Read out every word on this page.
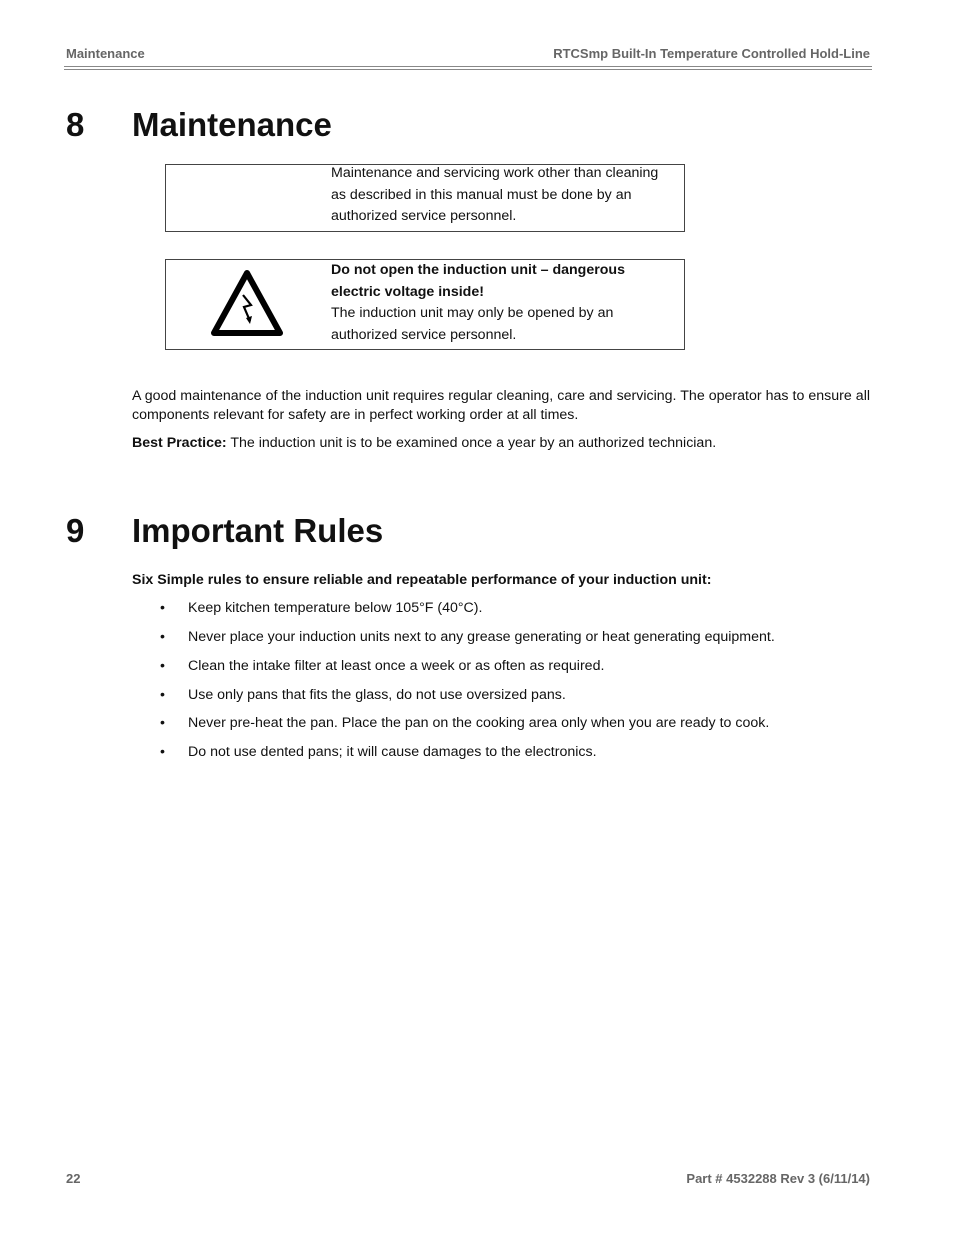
Maintenance	RTCSmp Built-In Temperature Controlled Hold-Line
8 Maintenance
Maintenance and servicing work other than cleaning
as described in this manual must be done by an
authorized service personnel.
Do not open the induction unit – dangerous
electric voltage inside!
The induction unit may only be opened by an
authorized service personnel.
A good maintenance of the induction unit requires regular cleaning, care and servicing. The operator has to ensure all components relevant for safety are in perfect working order at all times.
Best Practice: The induction unit is to be examined once a year by an authorized technician.
9 Important Rules
Six Simple rules to ensure reliable and repeatable performance of your induction unit:
• Keep kitchen temperature below 105°F (40°C).
• Never place your induction units next to any grease generating or heat generating equipment.
• Clean the intake filter at least once a week or as often as required.
• Use only pans that fits the glass, do not use oversized pans.
• Never pre-heat the pan. Place the pan on the cooking area only when you are ready to cook.
• Do not use dented pans; it will cause damages to the electronics.
22	Part # 4532288 Rev 3 (6/11/14)
